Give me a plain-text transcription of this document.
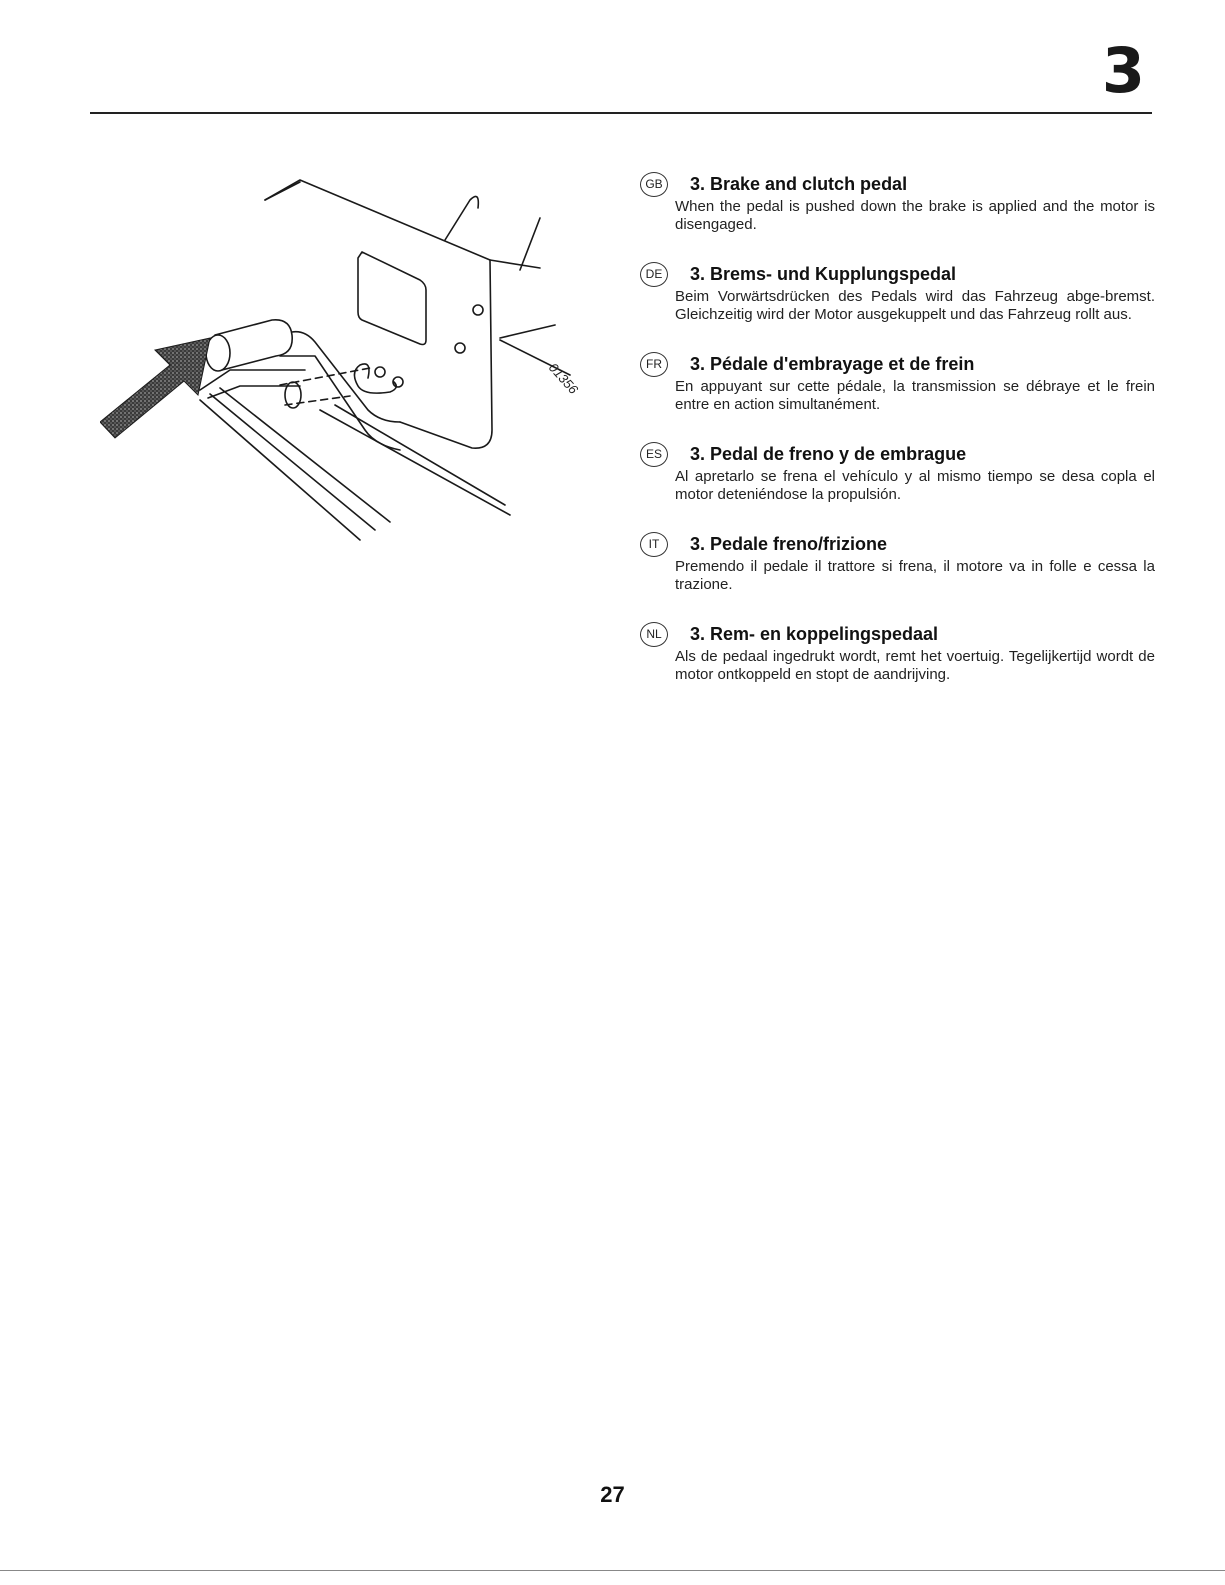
3
01356
GB	3. Brake and clutch pedal

When the pedal is pushed down the brake is applied and the motor is disengaged.

DE	3. Brems- und Kupplungspedal

Beim Vorwärtsdrücken des Pedals wird das Fahrzeug abge-bremst. Gleichzeitig wird der Motor ausgekuppelt und das Fahrzeug rollt aus.

FR	3. Pédale d'embrayage et de frein

En appuyant sur cette pédale, la transmission se débraye et le frein entre en action simultanément.

ES	3. Pedal de freno y de embrague

Al apretarlo se frena el vehículo y al mismo tiempo se desa copla el motor deteniéndose la propulsión.

IT	3. Pedale freno/frizione

Premendo il pedale il trattore si frena, il motore va in folle e cessa la trazione.

NL	3. Rem- en koppelingspedaal

Als de pedaal ingedrukt wordt, remt het voertuig. Tegelijkertijd wordt de motor ontkoppeld en stopt de aandrijving.

27
